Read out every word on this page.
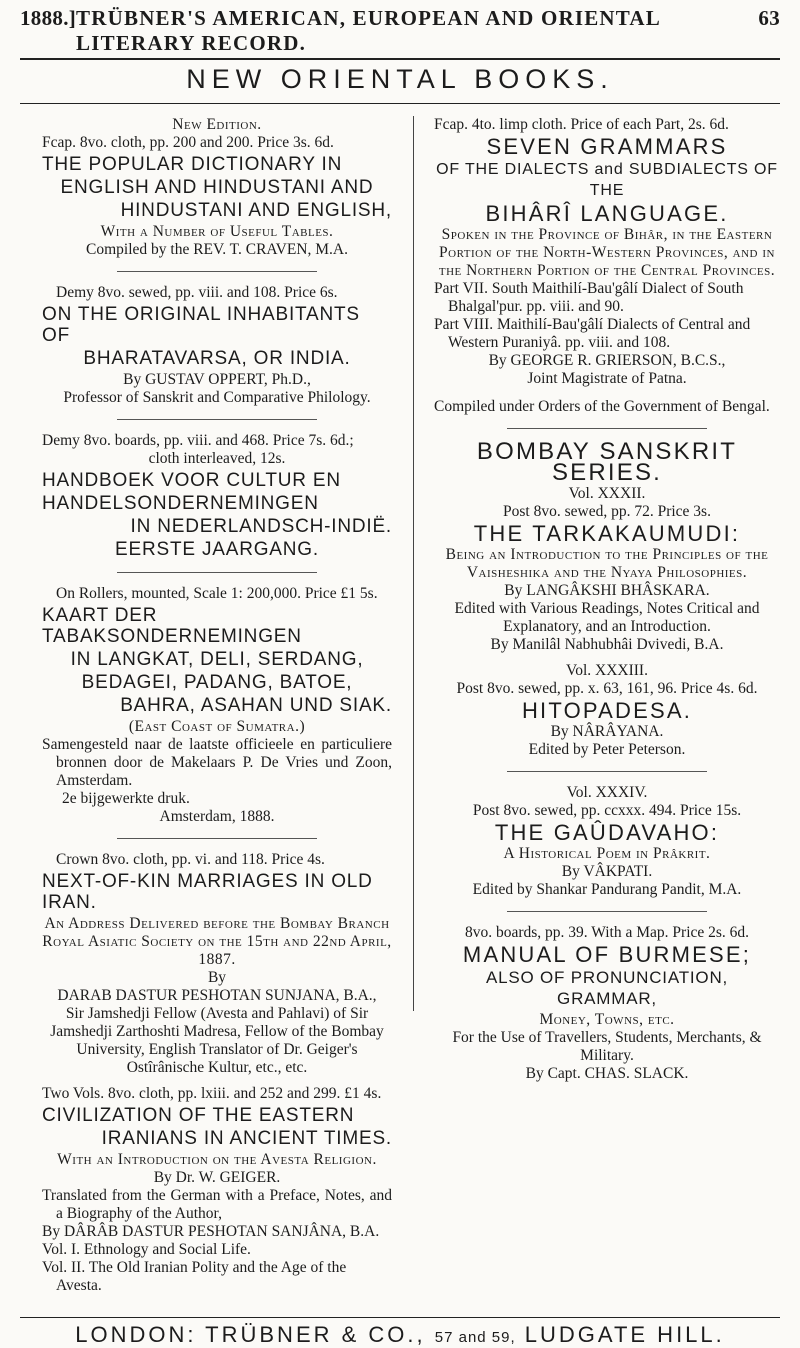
1888.] TRÜBNER'S AMERICAN, EUROPEAN AND ORIENTAL LITERARY RECORD.
63
NEW ORIENTAL BOOKS.

New Edition.

Fcap. 8vo. cloth, pp. 200 and 200. Price 3s. 6d.

THE POPULAR DICTIONARY IN

ENGLISH AND HINDUSTANI AND

HINDUSTANI AND ENGLISH,

With a Number of Useful Tables.

Compiled by the REV. T. CRAVEN, M.A.

Demy 8vo. sewed, pp. viii. and 108. Price 6s.

ON THE ORIGINAL INHABITANTS OF

BHARATAVARSA, OR INDIA.

By GUSTAV OPPERT, Ph.D.,

Professor of Sanskrit and Comparative Philology.

Demy 8vo. boards, pp. viii. and 468. Price 7s. 6d.;

cloth interleaved, 12s.

HANDBOEK VOOR CULTUR EN

HANDELSONDERNEMINGEN

IN NEDERLANDSCH-INDIË.

EERSTE JAARGANG.

On Rollers, mounted, Scale 1: 200,000. Price £1 5s.

KAART DER TABAKSONDERNEMINGEN

IN LANGKAT, DELI, SERDANG,

BEDAGEI, PADANG, BATOE,

BAHRA, ASAHAN UND SIAK.

(East Coast of Sumatra.)

Samengesteld naar de laatste officieele en particuliere bronnen door de Makelaars P. De Vries und Zoon, Amsterdam.

2e bijgewerkte druk.

Amsterdam, 1888.

Crown 8vo. cloth, pp. vi. and 118. Price 4s.

NEXT-OF-KIN MARRIAGES IN OLD IRAN.

An Address Delivered before the Bombay Branch Royal Asiatic Society on the 15th and 22nd April, 1887.

By

DARAB DASTUR PESHOTAN SUNJANA, B.A.,

Sir Jamshedji Fellow (Avesta and Pahlavi) of Sir Jamshedji Zarthoshti Madresa, Fellow of the Bombay University, English Translator of Dr. Geiger's Ostîrânische Kultur, etc., etc.

Two Vols. 8vo. cloth, pp. lxiii. and 252 and 299. £1 4s.

CIVILIZATION OF THE EASTERN

IRANIANS IN ANCIENT TIMES.

With an Introduction on the Avesta Religion.

By Dr. W. GEIGER.

Translated from the German with a Preface, Notes, and a Biography of the Author,

By DÂRÂB DASTUR PESHOTAN SANJÂNA, B.A.

Vol. I. Ethnology and Social Life.

Vol. II. The Old Iranian Polity and the Age of the Avesta.

Fcap. 4to. limp cloth. Price of each Part, 2s. 6d.

SEVEN GRAMMARS

OF THE DIALECTS and SUBDIALECTS OF THE

BIHÂRÎ LANGUAGE.

Spoken in the Province of Bihâr, in the Eastern Portion of the North-Western Provinces, and in the Northern Portion of the Central Provinces.

Part VII. South Maithilí-Bau'gâlí Dialect of South Bhalgal'pur. pp. viii. and 90.

Part VIII. Maithilí-Bau'gâlí Dialects of Central and Western Puraniyâ. pp. viii. and 108.

By GEORGE R. GRIERSON, B.C.S.,

Joint Magistrate of Patna.

Compiled under Orders of the Government of Bengal.

BOMBAY SANSKRIT SERIES.

Vol. XXXII.

Post 8vo. sewed, pp. 72. Price 3s.

THE TARKAKAUMUDI:

Being an Introduction to the Principles of the Vaisheshika and the Nyaya Philosophies.

By LANGÂKSHI BHÂSKARA.

Edited with Various Readings, Notes Critical and Explanatory, and an Introduction.

By Manilâl Nabhubhâi Dvivedi, B.A.

Vol. XXXIII.

Post 8vo. sewed, pp. x. 63, 161, 96. Price 4s. 6d.

HITOPADESA.

By NÂRÂYANA.

Edited by Peter Peterson.

Vol. XXXIV.

Post 8vo. sewed, pp. ccxxx. 494. Price 15s.

THE GAÛDAVAHO:

A Historical Poem in Prâkrit.

By VÂKPATI.

Edited by Shankar Pandurang Pandit, M.A.

8vo. boards, pp. 39. With a Map. Price 2s. 6d.

MANUAL OF BURMESE;

ALSO OF PRONUNCIATION, GRAMMAR,

Money, Towns, etc.

For the Use of Travellers, Students, Merchants, & Military.

By Capt. CHAS. SLACK.

LONDON: TRÜBNER & CO., 57 and 59, LUDGATE HILL.
